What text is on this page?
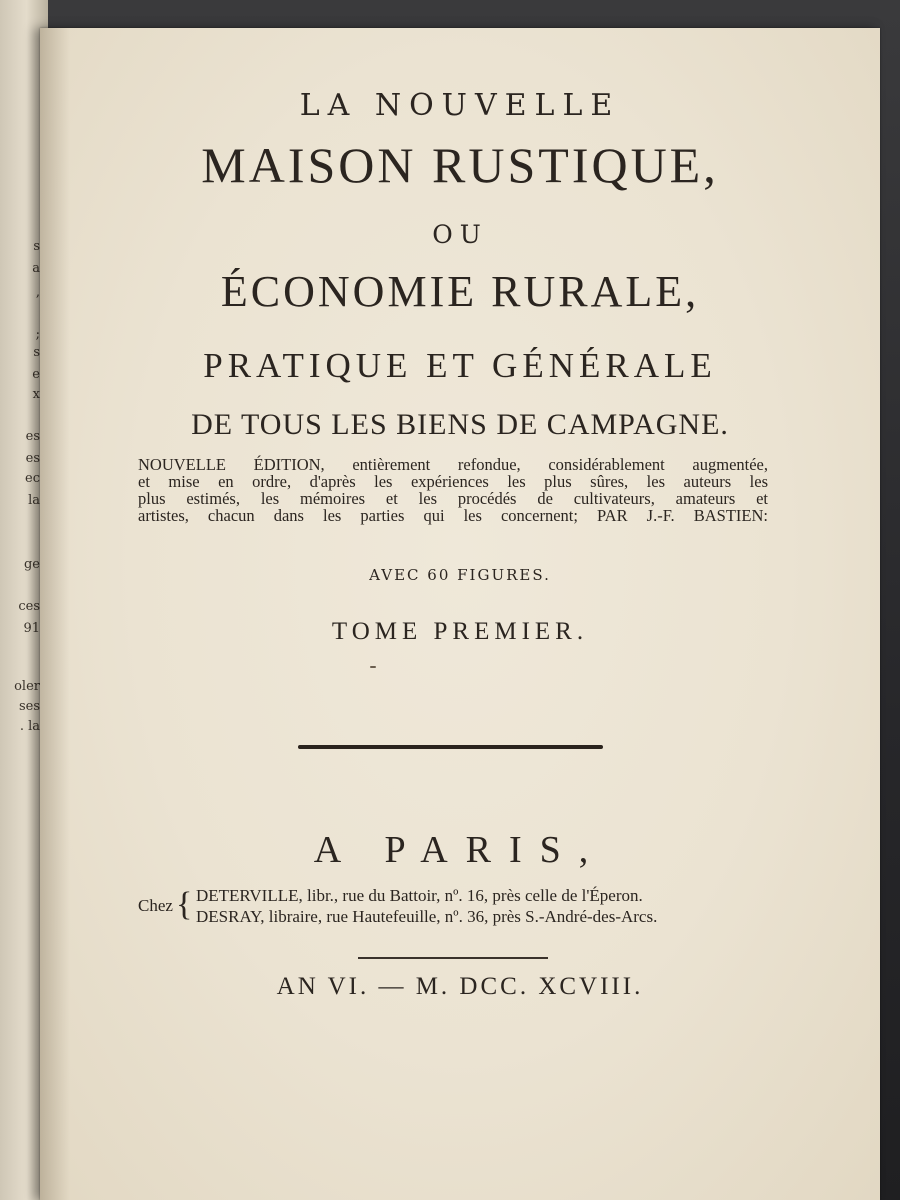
s
a
,
;
s
e
x
es
es
ec
la
ge
ces
91
oler
ses
. la
LA NOUVELLE
MAISON RUSTIQUE,
OU
ÉCONOMIE RURALE,
PRATIQUE ET GÉNÉRALE
DE TOUS LES BIENS DE CAMPAGNE.
NOUVELLE ÉDITION, entièrement refondue, considérablement augmentée,
et mise en ordre, d'après les expériences les plus sûres, les auteurs les
plus estimés, les mémoires et les procédés de cultivateurs, amateurs et
artistes, chacun dans les parties qui les concernent; PAR J.-F. BASTIEN:
AVEC 60 FIGURES.
TOME PREMIER.
A PARIS,
Chez { DETERVILLE, libr., rue du Battoir, nº. 16, près celle de l'Éperon.
DESRAY, libraire, rue Hautefeuille, nº. 36, près S.-André-des-Arcs.
AN VI. — M. DCC. XCVIII.
